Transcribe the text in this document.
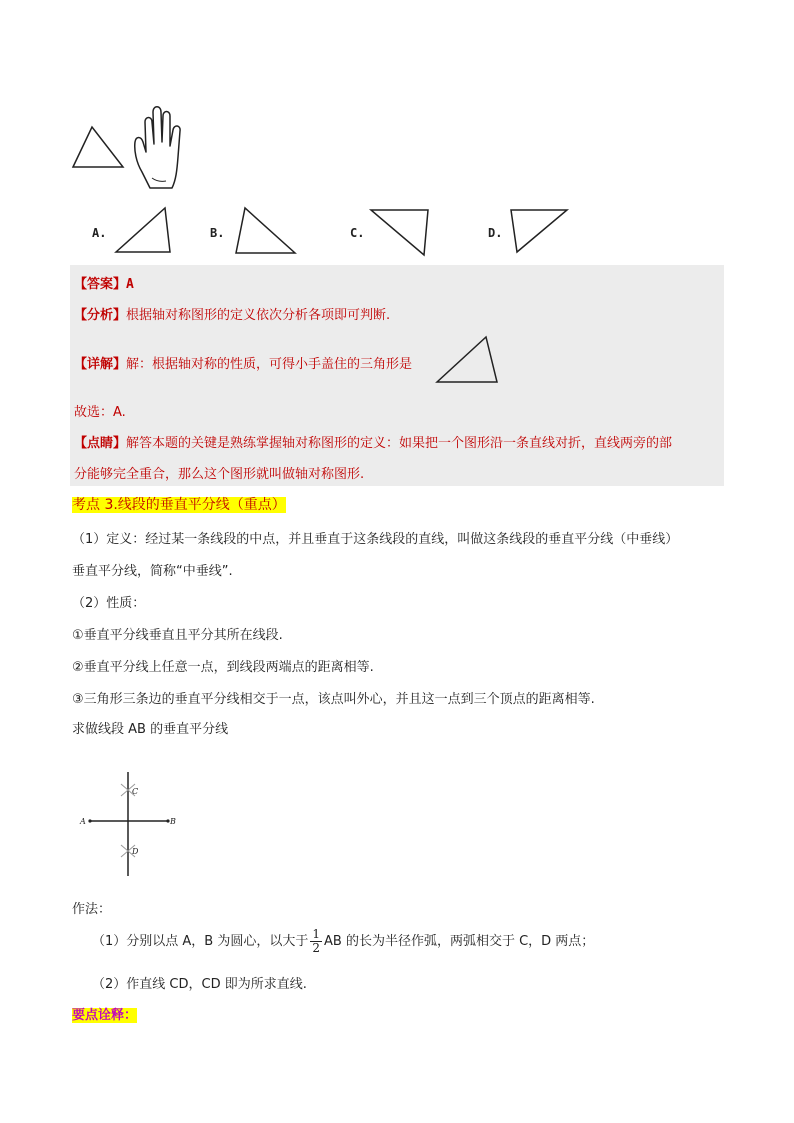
A.	B.	C.	D.
【答案】A
【分析】根据轴对称图形的定义依次分析各项即可判断.
【详解】解：根据轴对称的性质，可得小手盖住的三角形是
故选：A.
【点睛】解答本题的关键是熟练掌握轴对称图形的定义：如果把一个图形沿一条直线对折，直线两旁的部
分能够完全重合，那么这个图形就叫做轴对称图形.
考点 3.线段的垂直平分线（重点）
（1）定义：经过某一条线段的中点，并且垂直于这条线段的直线，叫做这条线段的垂直平分线（中垂线）
垂直平分线，简称“中垂线”.
（2）性质：
①垂直平分线垂直且平分其所在线段.
②垂直平分线上任意一点，到线段两端点的距离相等.
③三角形三条边的垂直平分线相交于一点，该点叫外心，并且这一点到三个顶点的距离相等.
求做线段 AB 的垂直平分线
A	B
C
D
作法：
（1）分别以点 A，B 为圆心，以大于 $\frac{1}{2}$ AB 的长为半径作弧，两弧相交于 C，D 两点；
（2）作直线 CD，CD 即为所求直线.
要点诠释：
